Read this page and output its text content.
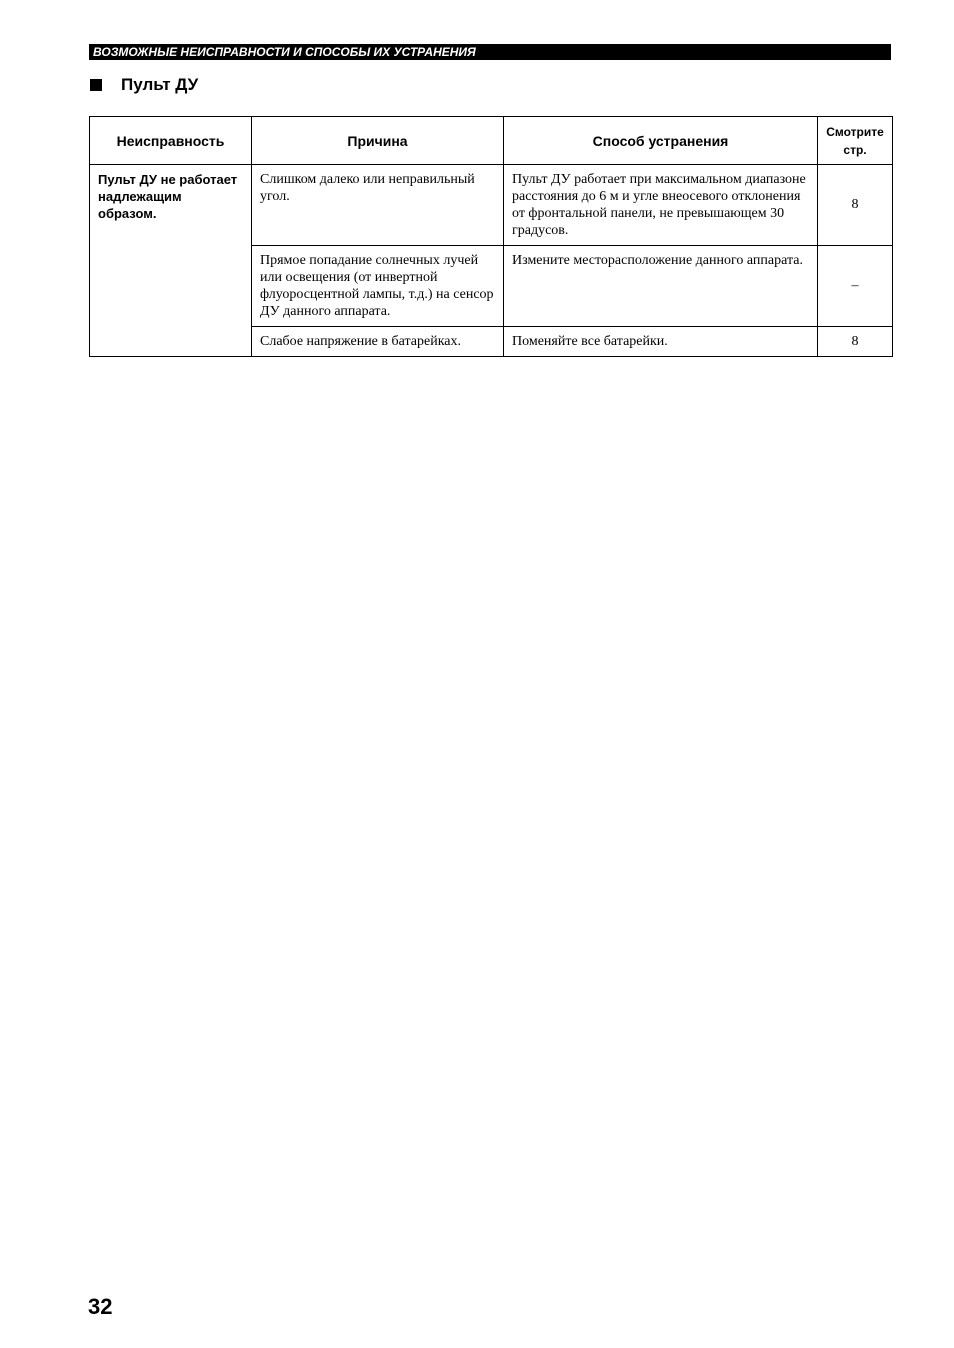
ВОЗМОЖНЫЕ НЕИСПРАВНОСТИ И СПОСОБЫ ИХ УСТРАНЕНИЯ
Пульт ДУ
Неисправность	Причина	Способ устранения	Смотрите
стр.
Пульт ДУ не работает надлежащим образом.	Слишком далеко или неправильный угол.	Пульт ДУ работает при максимальном диапазоне расстояния до 6 м и угле внеосевого отклонения от фронтальной панели, не превышающем 30 градусов.	8
	Прямое попадание солнечных лучей или освещения (от инвертной флуоросцентной лампы, т.д.) на сенсор ДУ данного аппарата.	Измените месторасположение данного аппарата.	–
	Слабое напряжение в батарейках.	Поменяйте все батарейки.	8
32
